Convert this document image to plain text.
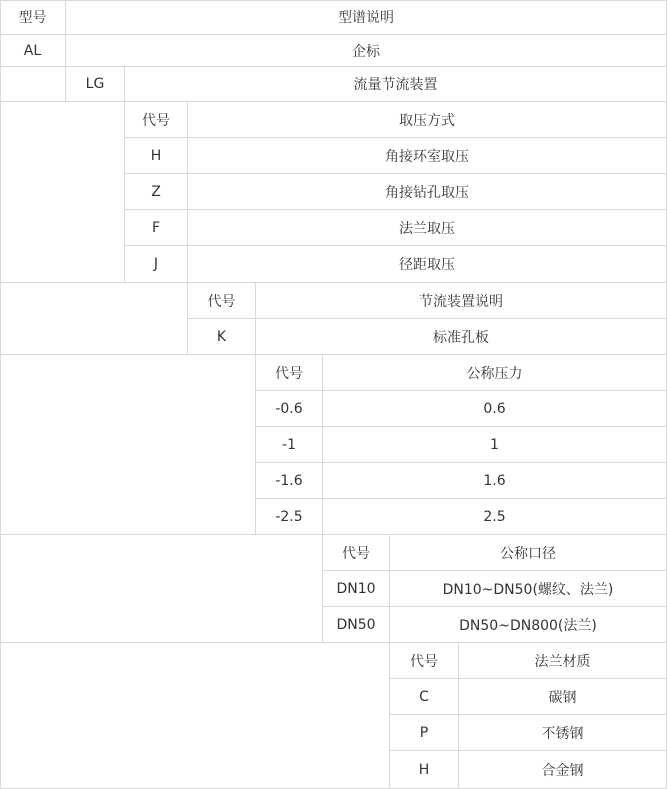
型号	型谱说明
AL	企标
LG	流量节流装置
代号	取压方式
H	角接环室取压
Z	角接钻孔取压
F	法兰取压
J	径距取压
代号	节流装置说明
K	标准孔板
代号	公称压力
-0.6	0.6
-1	1
-1.6	1.6
-2.5	2.5
代号	公称口径
DN10	DN10~DN50(螺纹、法兰)
DN50	DN50~DN800(法兰)
代号	法兰材质
C	碳钢
P	不锈钢
H	合金钢
